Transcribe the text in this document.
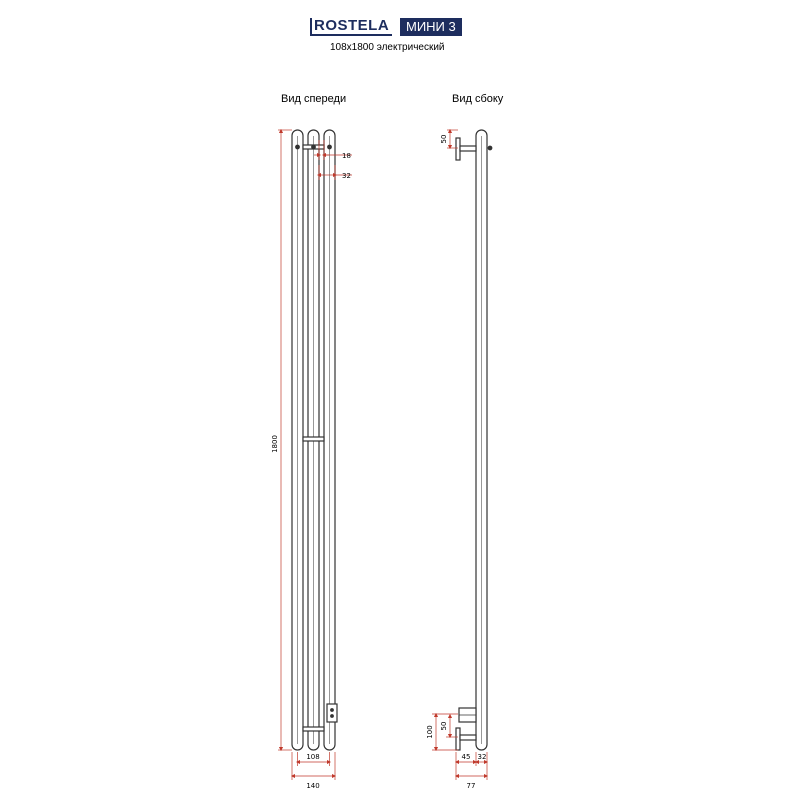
ROSTELA	МИНИ 3
108x1800 электрический
Вид спереди	Вид сбоку
1800
18
32
108
140
50
100 50
45 32
77
